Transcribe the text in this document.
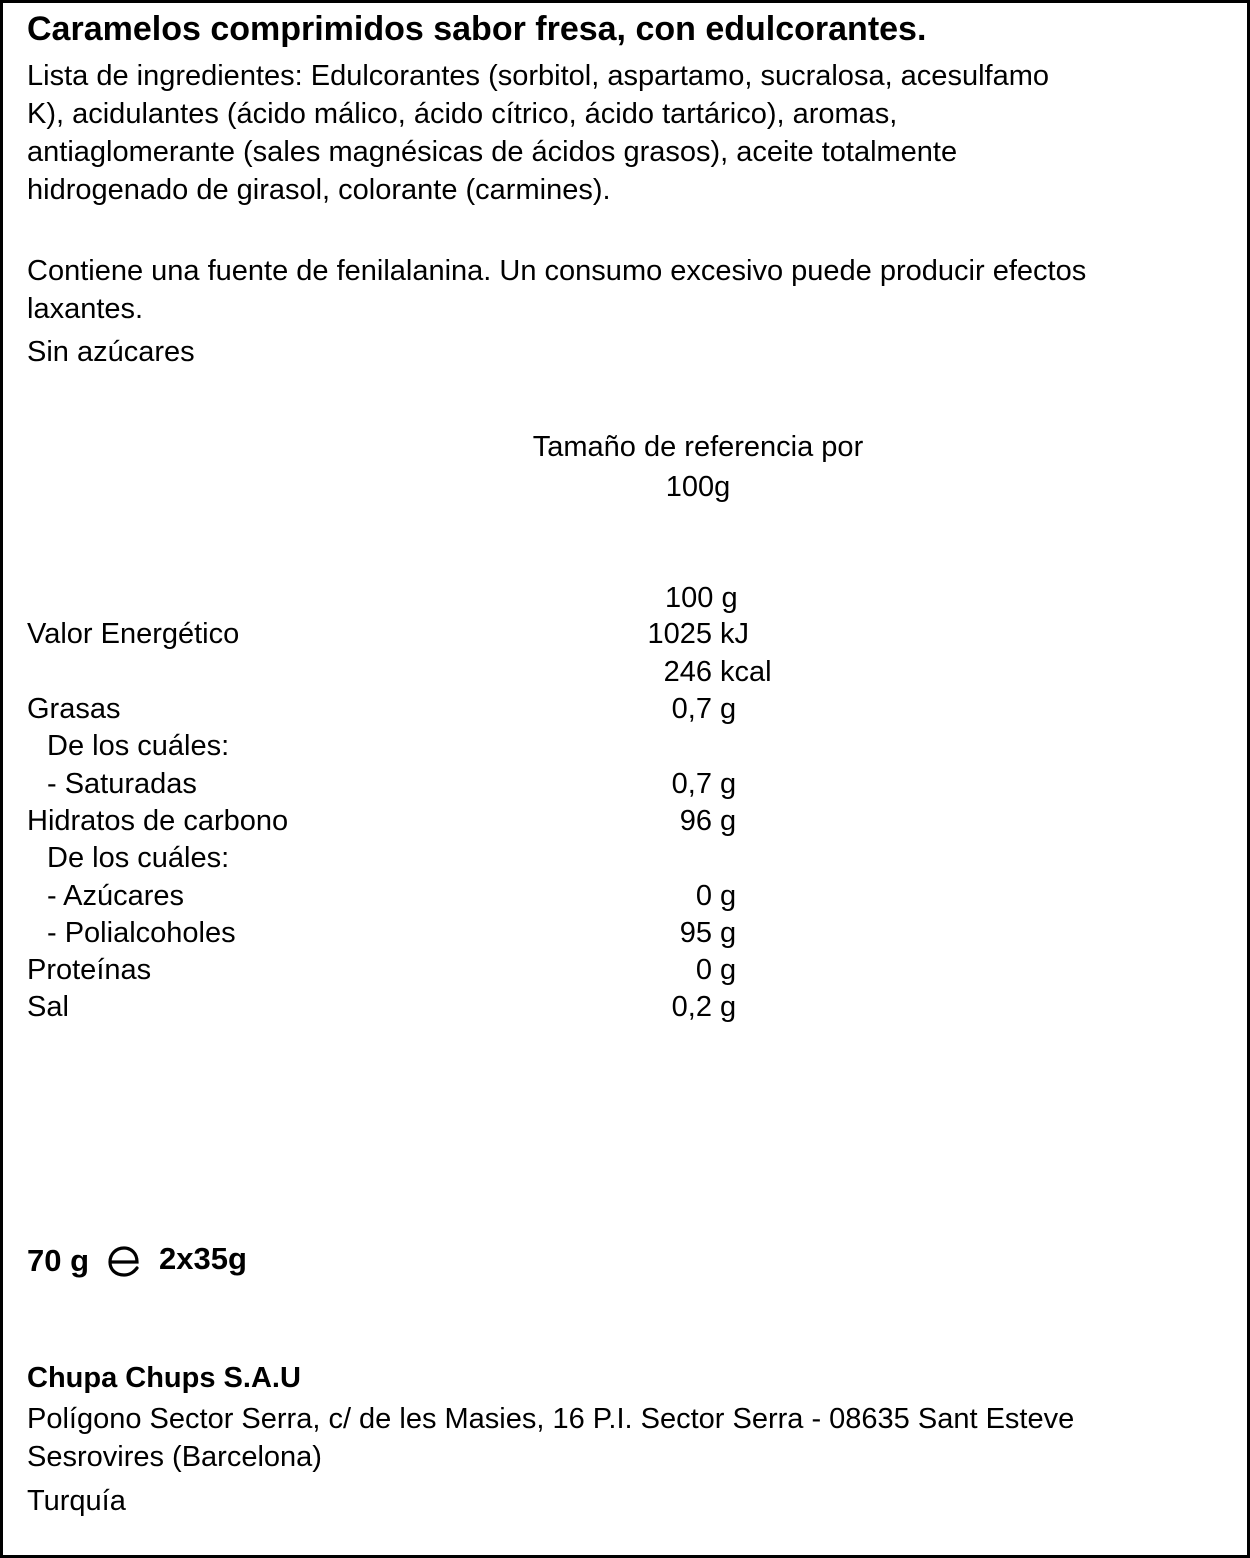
Caramelos comprimidos sabor fresa, con edulcorantes.
Lista de ingredientes: Edulcorantes (sorbitol, aspartamo, sucralosa, acesulfamo
K), acidulantes (ácido málico, ácido cítrico, ácido tartárico), aromas,
antiaglomerante (sales magnésicas de ácidos grasos), aceite totalmente
hidrogenado de girasol, colorante (carmines).
Contiene una fuente de fenilalanina. Un consumo excesivo puede producir efectos
laxantes.
Sin azúcares
Tamaño de referencia por
100g
100 g
Valor Energético	1025 kJ
246 kcal
Grasas	0,7 g
De los cuáles:
- Saturadas	0,7 g
Hidratos de carbono	96 g
De los cuáles:
- Azúcares	0 g
- Polialcoholes	95 g
Proteínas	0 g
Sal	0,2 g
70 g 2x35g
Chupa Chups S.A.U
Polígono Sector Serra, c/ de les Masies, 16 P.I. Sector Serra - 08635 Sant Esteve
Sesrovires (Barcelona)
Turquía
